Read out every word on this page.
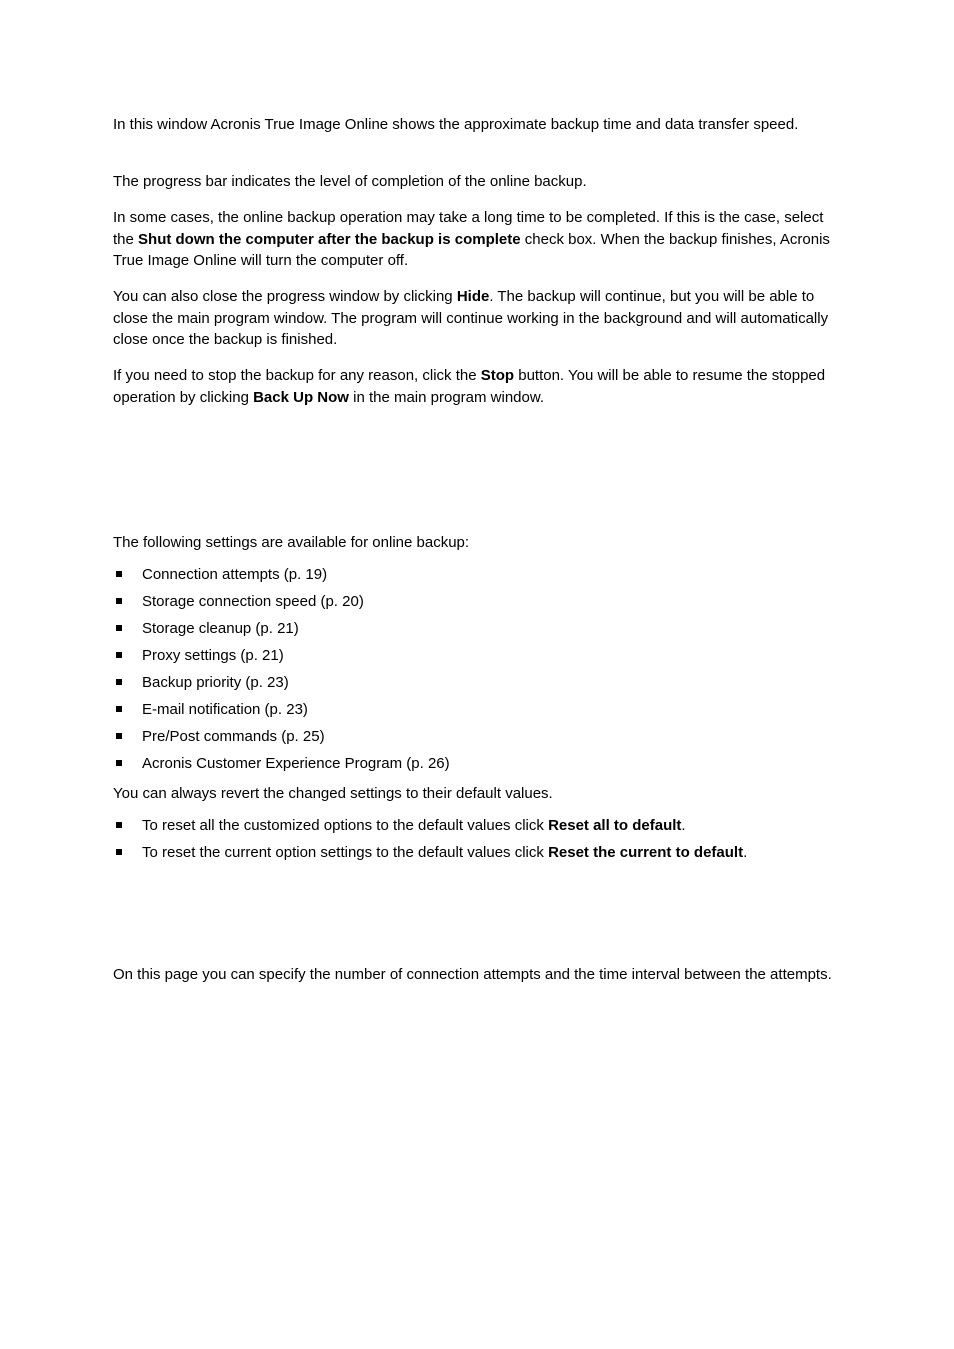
In this window Acronis True Image Online shows the approximate backup time and data transfer speed.

The progress bar indicates the level of completion of the online backup.

In some cases, the online backup operation may take a long time to be completed. If this is the case, select the Shut down the computer after the backup is complete check box. When the backup finishes, Acronis True Image Online will turn the computer off.

You can also close the progress window by clicking Hide. The backup will continue, but you will be able to close the main program window. The program will continue working in the background and will automatically close once the backup is finished.

If you need to stop the backup for any reason, click the Stop button. You will be able to resume the stopped operation by clicking Back Up Now in the main program window.

The following settings are available for online backup:

Connection attempts (p. 19)
Storage connection speed (p. 20)
Storage cleanup (p. 21)
Proxy settings (p. 21)
Backup priority (p. 23)
E-mail notification (p. 23)
Pre/Post commands (p. 25)
Acronis Customer Experience Program (p. 26)

You can always revert the changed settings to their default values.

To reset all the customized options to the default values click Reset all to default.
To reset the current option settings to the default values click Reset the current to default.

On this page you can specify the number of connection attempts and the time interval between the attempts.
